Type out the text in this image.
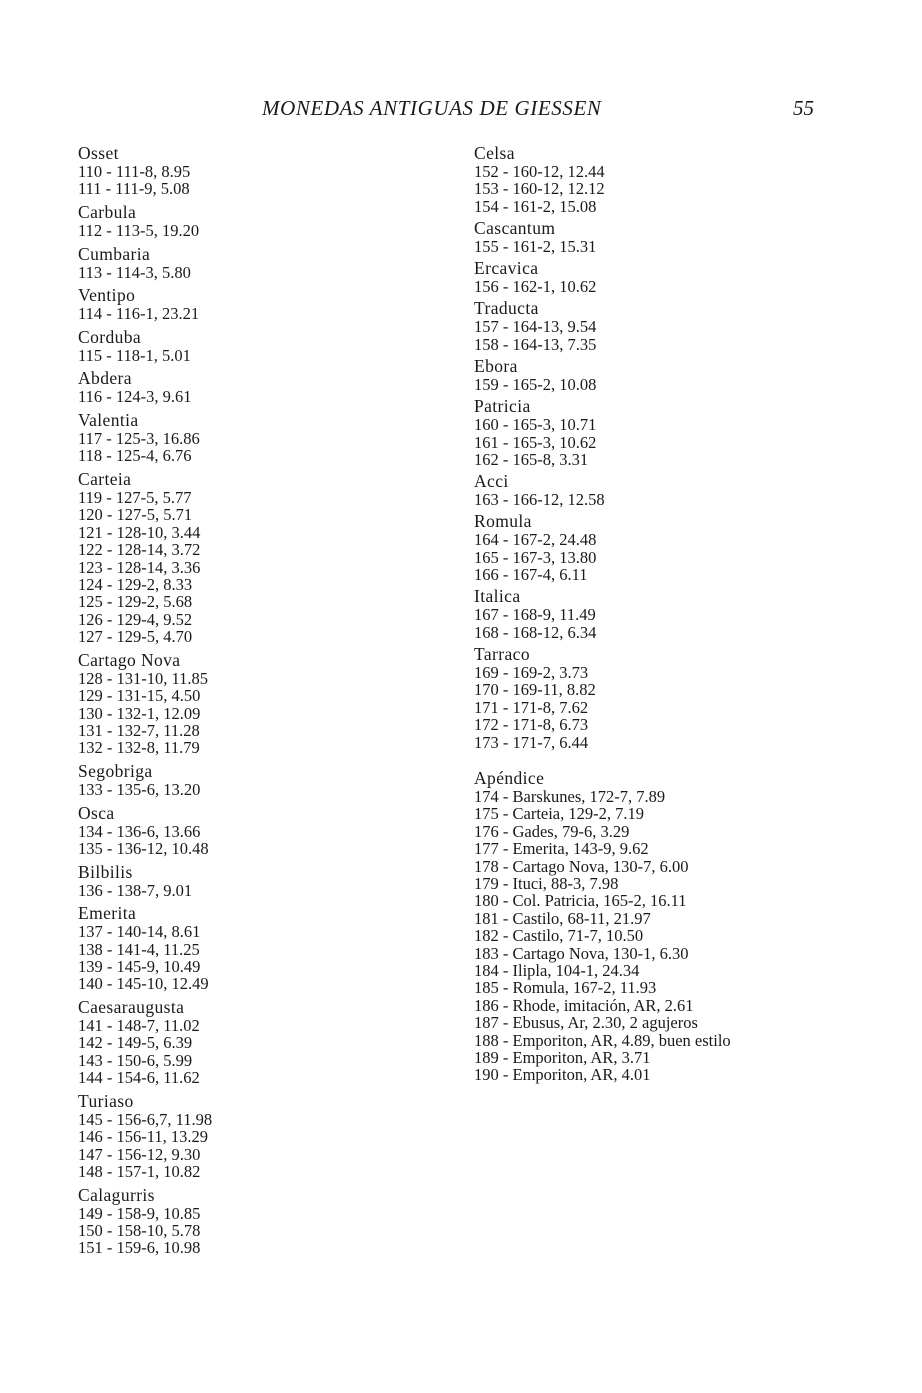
MONEDAS ANTIGUAS DE GIESSEN	55
Osset
110 - 111-8, 8.95
111 - 111-9, 5.08
Carbula
112 - 113-5, 19.20
Cumbaria
113 - 114-3, 5.80
Ventipo
114 - 116-1, 23.21
Corduba
115 - 118-1, 5.01
Abdera
116 - 124-3, 9.61
Valentia
117 - 125-3, 16.86
118 - 125-4, 6.76
Carteia
119 - 127-5, 5.77
120 - 127-5, 5.71
121 - 128-10, 3.44
122 - 128-14, 3.72
123 - 128-14, 3.36
124 - 129-2, 8.33
125 - 129-2, 5.68
126 - 129-4, 9.52
127 - 129-5, 4.70
Cartago Nova
128 - 131-10, 11.85
129 - 131-15, 4.50
130 - 132-1, 12.09
131 - 132-7, 11.28
132 - 132-8, 11.79
Segobriga
133 - 135-6, 13.20
Osca
134 - 136-6, 13.66
135 - 136-12, 10.48
Bilbilis
136 - 138-7, 9.01
Emerita
137 - 140-14, 8.61
138 - 141-4, 11.25
139 - 145-9, 10.49
140 - 145-10, 12.49
Caesaraugusta
141 - 148-7, 11.02
142 - 149-5, 6.39
143 - 150-6, 5.99
144 - 154-6, 11.62
Turiaso
145 - 156-6,7, 11.98
146 - 156-11, 13.29
147 - 156-12, 9.30
148 - 157-1, 10.82
Calagurris
149 - 158-9, 10.85
150 - 158-10, 5.78
151 - 159-6, 10.98
Celsa
152 - 160-12, 12.44
153 - 160-12, 12.12
154 - 161-2, 15.08
Cascantum
155 - 161-2, 15.31
Ercavica
156 - 162-1, 10.62
Traducta
157 - 164-13, 9.54
158 - 164-13, 7.35
Ebora
159 - 165-2, 10.08
Patricia
160 - 165-3, 10.71
161 - 165-3, 10.62
162 - 165-8, 3.31
Acci
163 - 166-12, 12.58
Romula
164 - 167-2, 24.48
165 - 167-3, 13.80
166 - 167-4, 6.11
Italica
167 - 168-9, 11.49
168 - 168-12, 6.34
Tarraco
169 - 169-2, 3.73
170 - 169-11, 8.82
171 - 171-8, 7.62
172 - 171-8, 6.73
173 - 171-7, 6.44
Apéndice
174 - Barskunes, 172-7, 7.89
175 - Carteia, 129-2, 7.19
176 - Gades, 79-6, 3.29
177 - Emerita, 143-9, 9.62
178 - Cartago Nova, 130-7, 6.00
179 - Ituci, 88-3, 7.98
180 - Col. Patricia, 165-2, 16.11
181 - Castilo, 68-11, 21.97
182 - Castilo, 71-7, 10.50
183 - Cartago Nova, 130-1, 6.30
184 - Ilipla, 104-1, 24.34
185 - Romula, 167-2, 11.93
186 - Rhode, imitación, AR, 2.61
187 - Ebusus, Ar, 2.30, 2 agujeros
188 - Emporiton, AR, 4.89, buen estilo
189 - Emporiton, AR, 3.71
190 - Emporiton, AR, 4.01
